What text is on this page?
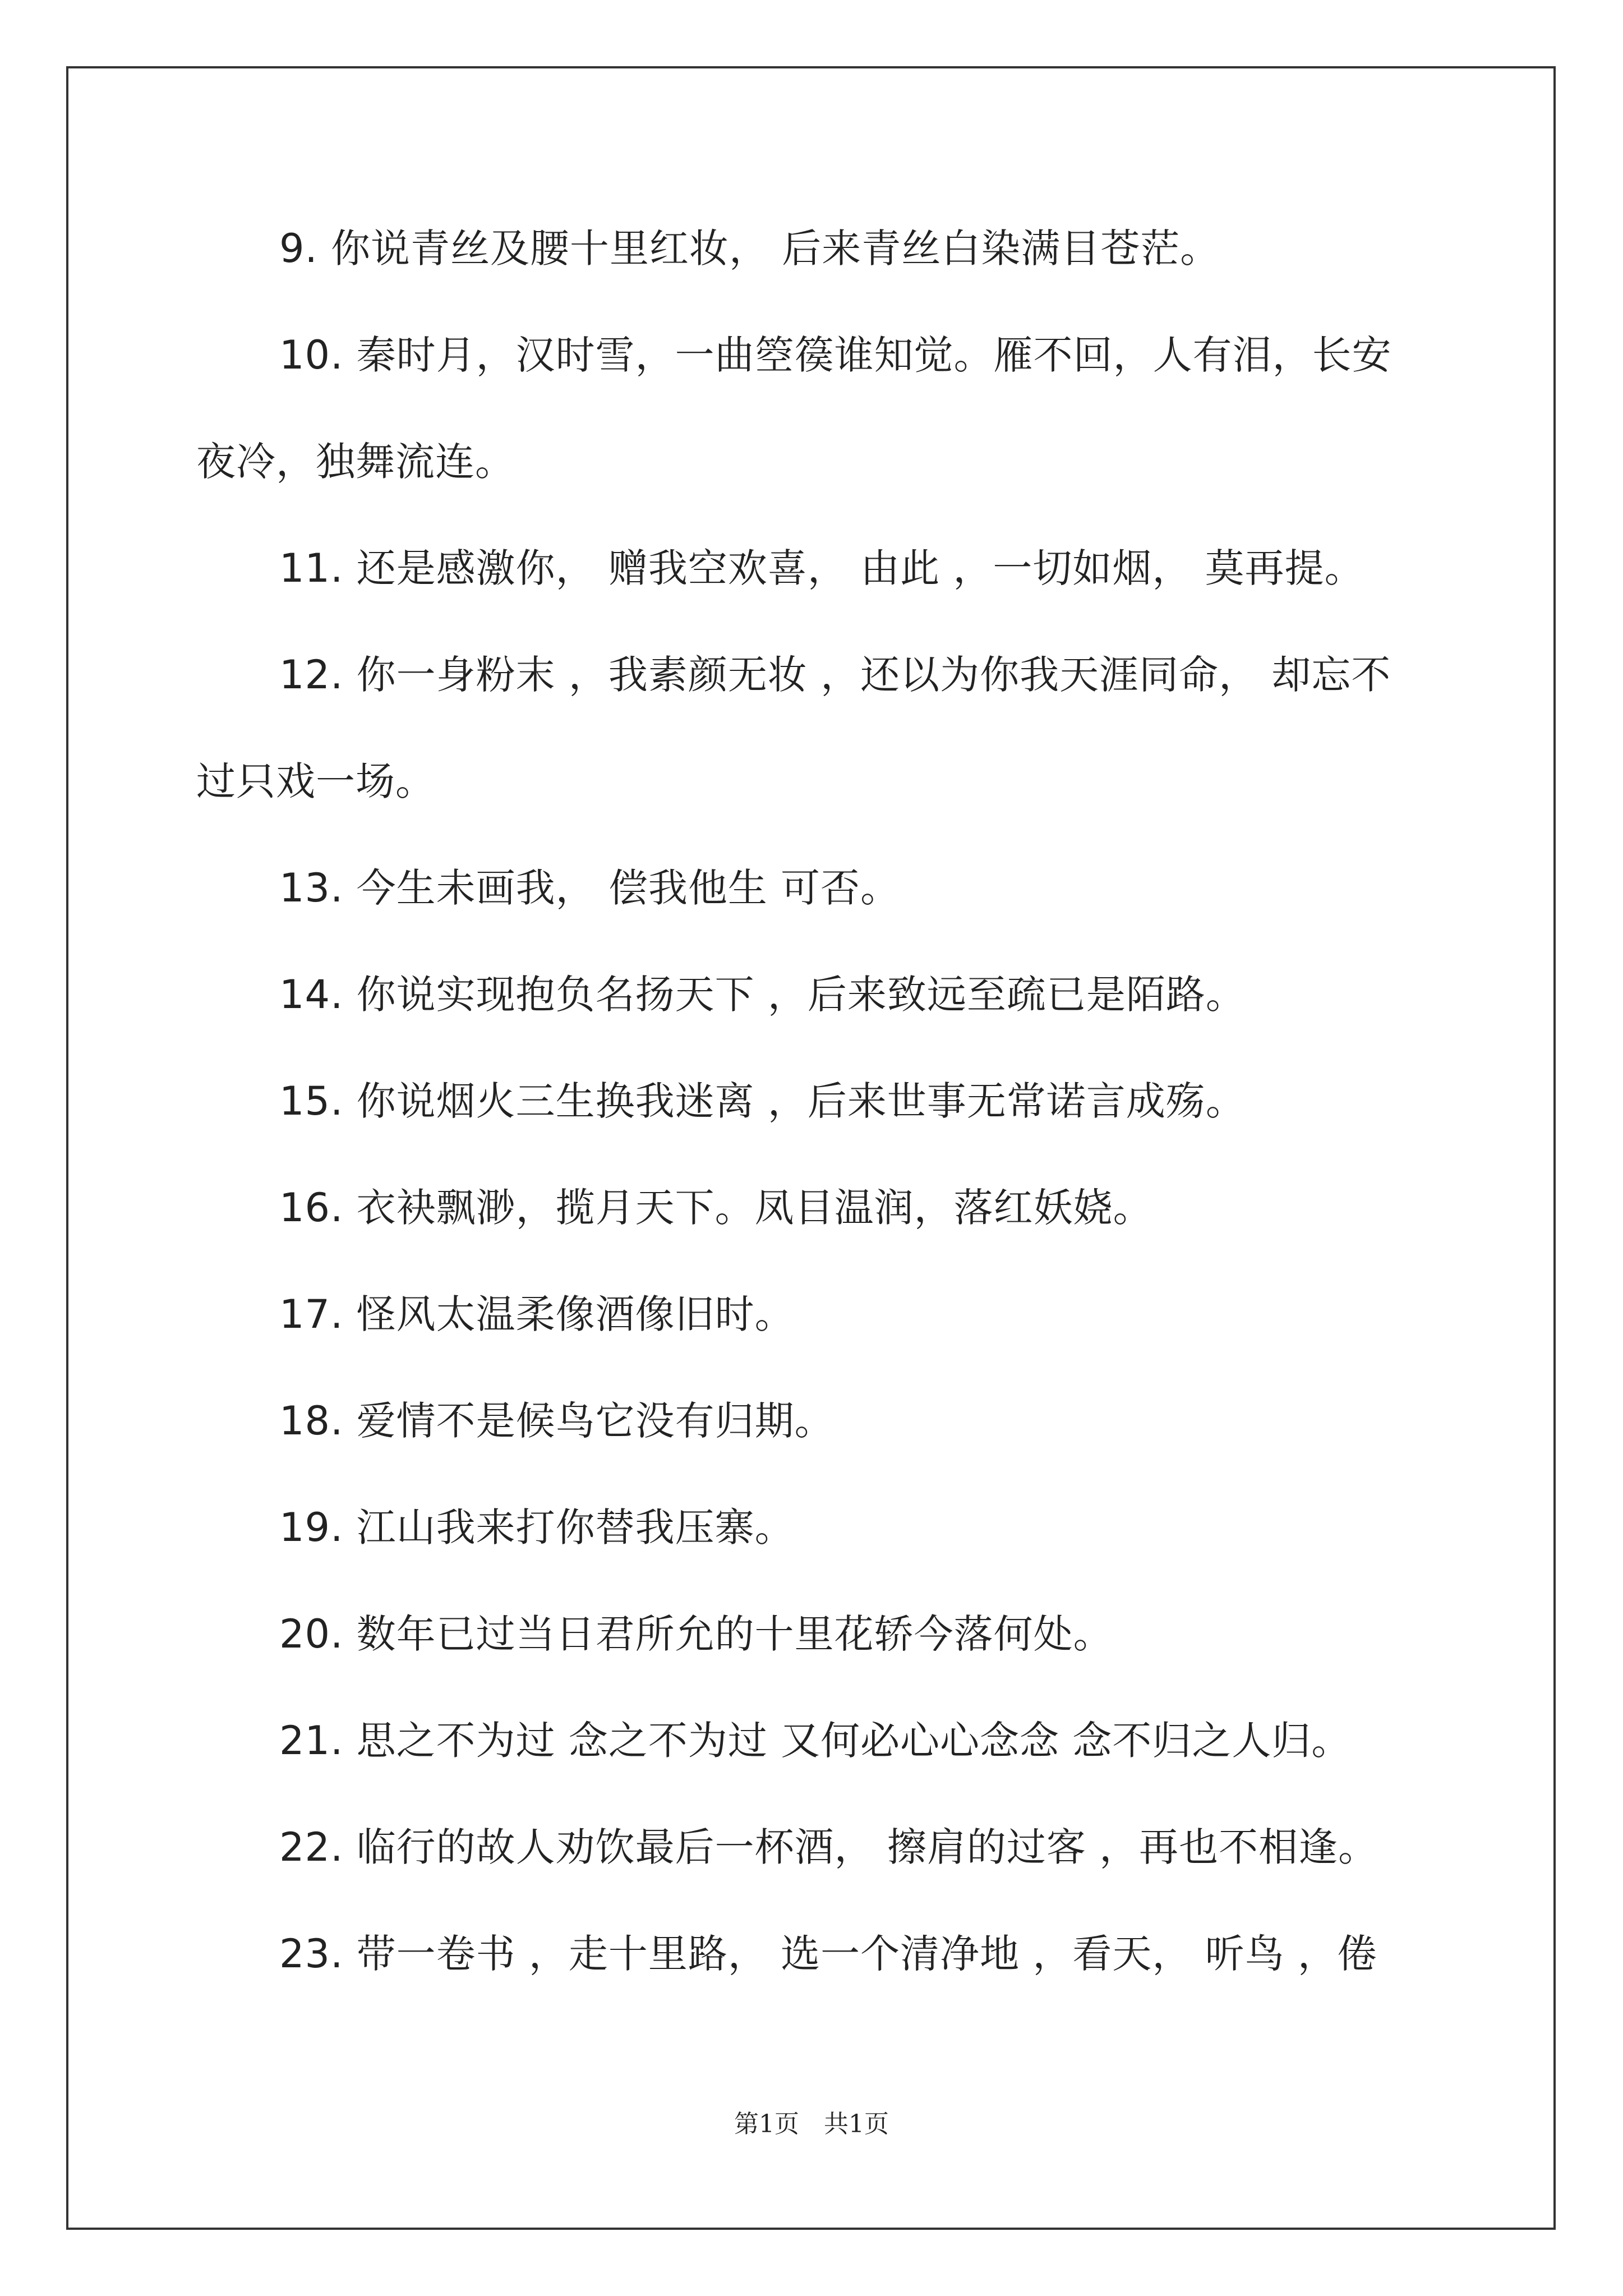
9. 你说青丝及腰十里红妆， 后来青丝白染满目苍茫。
10. 秦时月，汉时雪，一曲箜篌谁知觉。雁不回，人有泪，长安
夜冷，独舞流连。
11. 还是感激你， 赠我空欢喜， 由此 ，一切如烟， 莫再提。
12. 你一身粉末 ，我素颜无妆 ，还以为你我天涯同命， 却忘不
过只戏一场。
13. 今生未画我， 偿我他生 可否。
14. 你说实现抱负名扬天下 ，后来致远至疏已是陌路。
15. 你说烟火三生换我迷离 ，后来世事无常诺言成殇。
16. 衣袂飘渺，揽月天下。凤目温润，落红妖娆。
17. 怪风太温柔像酒像旧时。
18. 爱情不是候鸟它没有归期。
19. 江山我来打你替我压寨。
20. 数年已过当日君所允的十里花轿今落何处。
21. 思之不为过 念之不为过 又何必心心念念 念不归之人归。
22. 临行的故人劝饮最后一杯酒， 擦肩的过客 ，再也不相逢。
23. 带一卷书 ，走十里路， 选一个清净地 ，看天， 听鸟 ，倦
第1页　共1页
